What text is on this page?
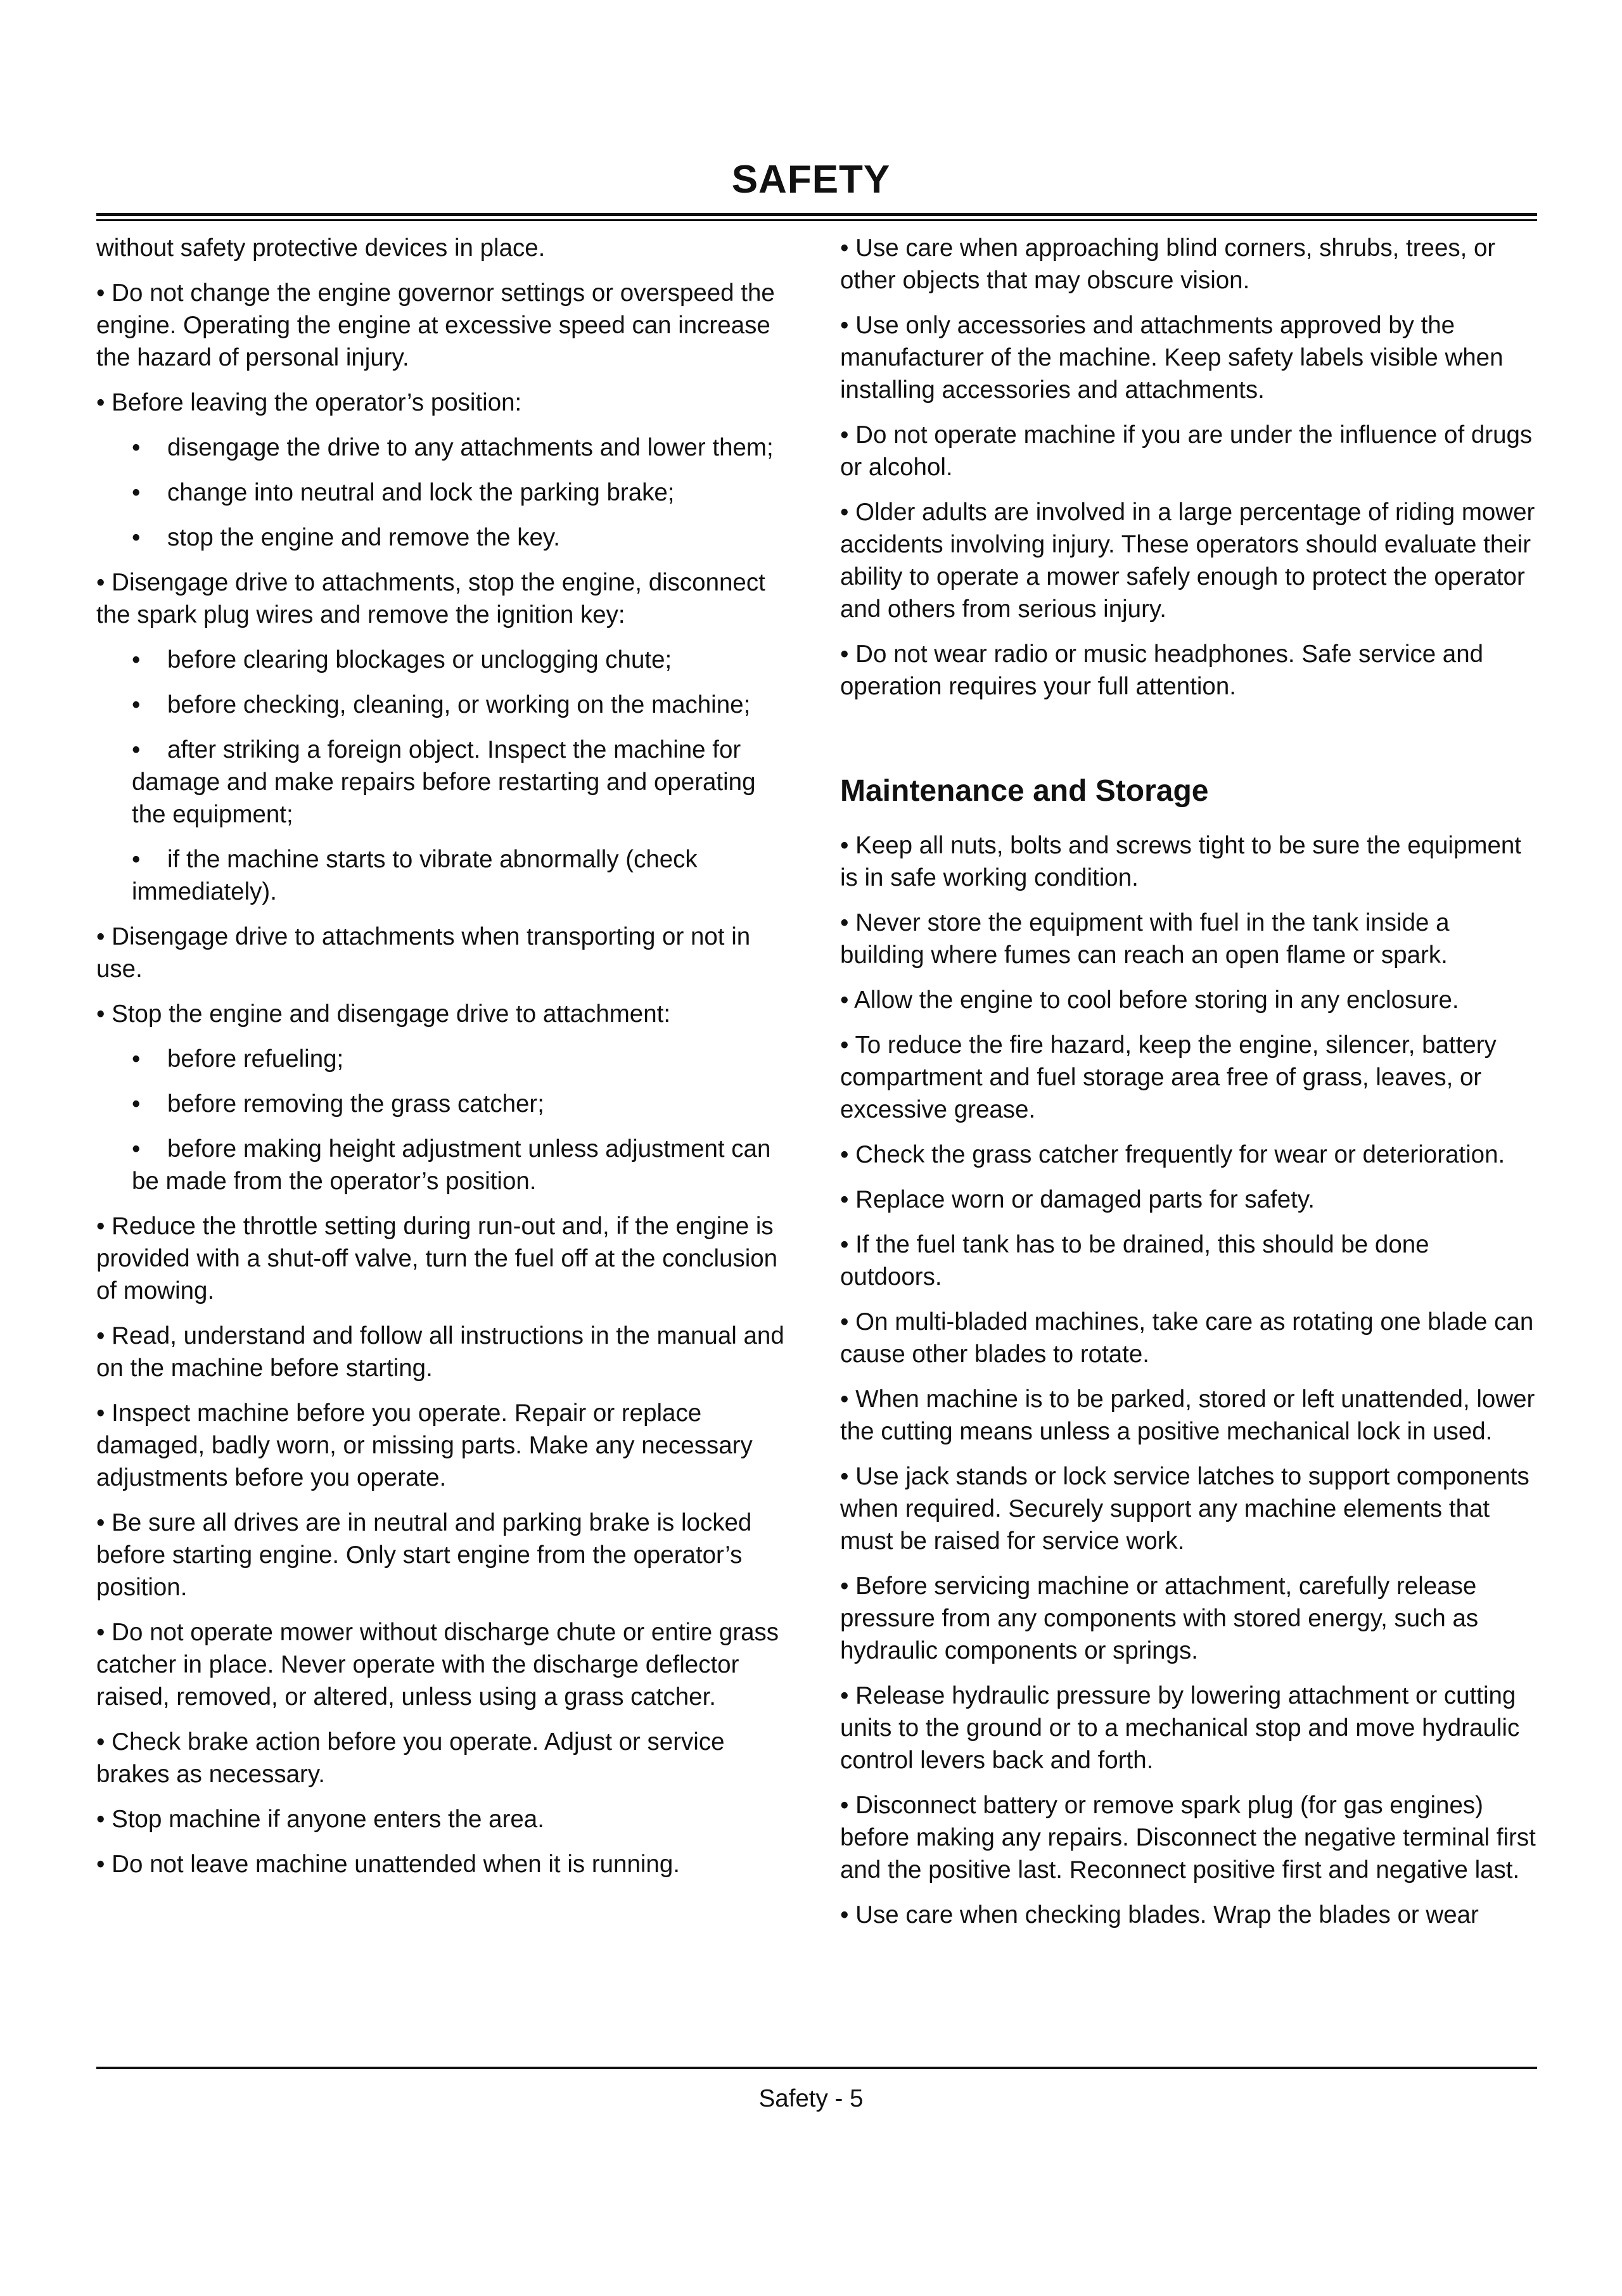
SAFETY
without safety protective devices in place.
• Do not change the engine governor settings or overspeed the engine. Operating the engine at excessive speed can increase the hazard of personal injury.
• Before leaving the operator’s position:
• disengage the drive to any attachments and lower them;
• change into neutral and lock the parking brake;
• stop the engine and remove the key.
• Disengage drive to attachments, stop the engine, disconnect the spark plug wires and remove the ignition key:
• before clearing blockages or unclogging chute;
• before checking, cleaning, or working on the machine;
• after striking a foreign object. Inspect the machine for damage and make repairs before restarting and operating the equipment;
• if the machine starts to vibrate abnormally (check immediately).
• Disengage drive to attachments when transporting or not in use.
• Stop the engine and disengage drive to attachment:
• before refueling;
• before removing the grass catcher;
• before making height adjustment unless adjustment can be made from the operator’s position.
• Reduce the throttle setting during run-out and, if the engine is provided with a shut-off valve, turn the fuel off at the conclusion of mowing.
• Read, understand and follow all instructions in the manual and on the machine before starting.
• Inspect machine before you operate. Repair or replace damaged, badly worn, or missing parts. Make any necessary adjustments before you operate.
• Be sure all drives are in neutral and parking brake is locked before starting engine. Only start engine from the operator’s position.
• Do not operate mower without discharge chute or entire grass catcher in place. Never operate with the discharge deflector raised, removed, or altered, unless using a grass catcher.
• Check brake action before you operate. Adjust or service brakes as necessary.
• Stop machine if anyone enters the area.
• Do not leave machine unattended when it is running.
• Use care when approaching blind corners, shrubs, trees, or other objects that may obscure vision.
• Use only accessories and attachments approved by the manufacturer of the machine. Keep safety labels visible when installing accessories and attachments.
• Do not operate machine if you are under the influence of drugs or alcohol.
• Older adults are involved in a large percentage of riding mower accidents involving injury. These operators should evaluate their ability to operate a mower safely enough to protect the operator and others from serious injury.
• Do not wear radio or music headphones. Safe service and operation requires your full attention.
Maintenance and Storage
• Keep all nuts, bolts and screws tight to be sure the equipment is in safe working condition.
• Never store the equipment with fuel in the tank inside a building where fumes can reach an open flame or spark.
• Allow the engine to cool before storing in any enclosure.
• To reduce the fire hazard, keep the engine, silencer, battery compartment and fuel storage area free of grass, leaves, or excessive grease.
• Check the grass catcher frequently for wear or deterioration.
• Replace worn or damaged parts for safety.
• If the fuel tank has to be drained, this should be done outdoors.
• On multi-bladed machines, take care as rotating one blade can cause other blades to rotate.
• When machine is to be parked, stored or left unattended, lower the cutting means unless a positive mechanical lock in used.
• Use jack stands or lock service latches to support components when required. Securely support any machine elements that must be raised for service work.
• Before servicing machine or attachment, carefully release pressure from any components with stored energy, such as hydraulic components or springs.
• Release hydraulic pressure by lowering attachment or cutting units to the ground or to a mechanical stop and move hydraulic control levers back and forth.
• Disconnect battery or remove spark plug (for gas engines) before making any repairs. Disconnect the negative terminal first and the positive last. Reconnect positive first and negative last.
• Use care when checking blades. Wrap the blades or wear
Safety - 5
